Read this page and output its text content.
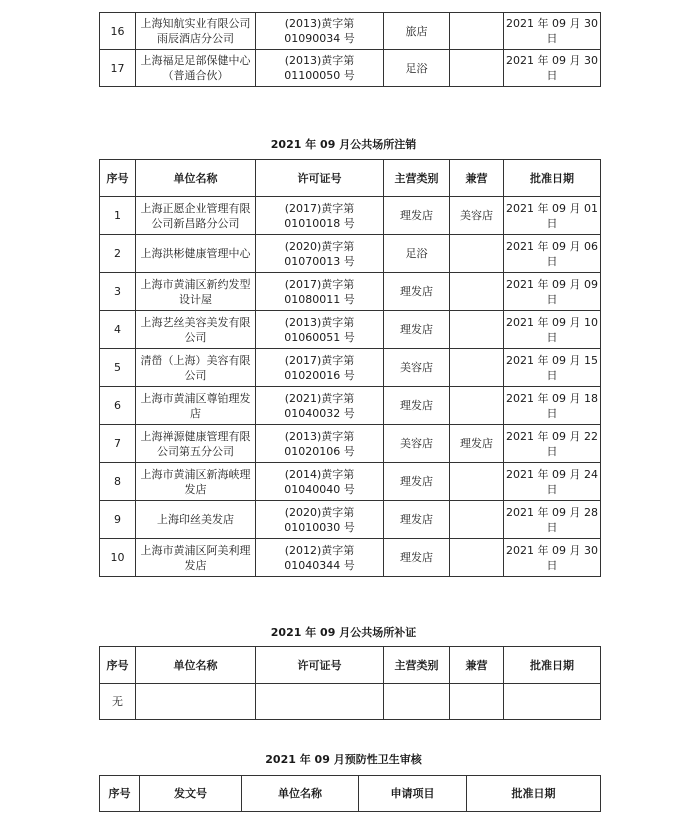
16	上海知航实业有限公司雨辰酒店分公司	(2013)黄字第 01090034 号	旅店		2021 年 09 月 30 日
17	上海福足足部保健中心（普通合伙）	(2013)黄字第 01100050 号	足浴		2021 年 09 月 30 日
2021 年 09 月公共场所注销
序号	单位名称	许可证号	主营类别	兼营	批准日期
1	上海正愿企业管理有限公司新昌路分公司	(2017)黄字第 01010018 号	理发店	美容店	2021 年 09 月 01 日
2	上海洪彬健康管理中心	(2020)黄字第 01070013 号	足浴		2021 年 09 月 06 日
3	上海市黄浦区新约发型设计屋	(2017)黄字第 01080011 号	理发店		2021 年 09 月 09 日
4	上海艺丝美容美发有限公司	(2013)黄字第 01060051 号	理发店		2021 年 09 月 10 日
5	清嵤（上海）美容有限公司	(2017)黄字第 01020016 号	美容店		2021 年 09 月 15 日
6	上海市黄浦区尊铂理发店	(2021)黄字第 01040032 号	理发店		2021 年 09 月 18 日
7	上海禅源健康管理有限公司第五分公司	(2013)黄字第 01020106 号	美容店	理发店	2021 年 09 月 22 日
8	上海市黄浦区新海峡理发店	(2014)黄字第 01040040 号	理发店		2021 年 09 月 24 日
9	上海印丝美发店	(2020)黄字第 01010030 号	理发店		2021 年 09 月 28 日
10	上海市黄浦区阿美利理发店	(2012)黄字第 01040344 号	理发店		2021 年 09 月 30 日
2021 年 09 月公共场所补证
序号	单位名称	许可证号	主营类别	兼营	批准日期
无					
2021 年 09 月预防性卫生审核
序号	发文号	单位名称	申请项目	批准日期
